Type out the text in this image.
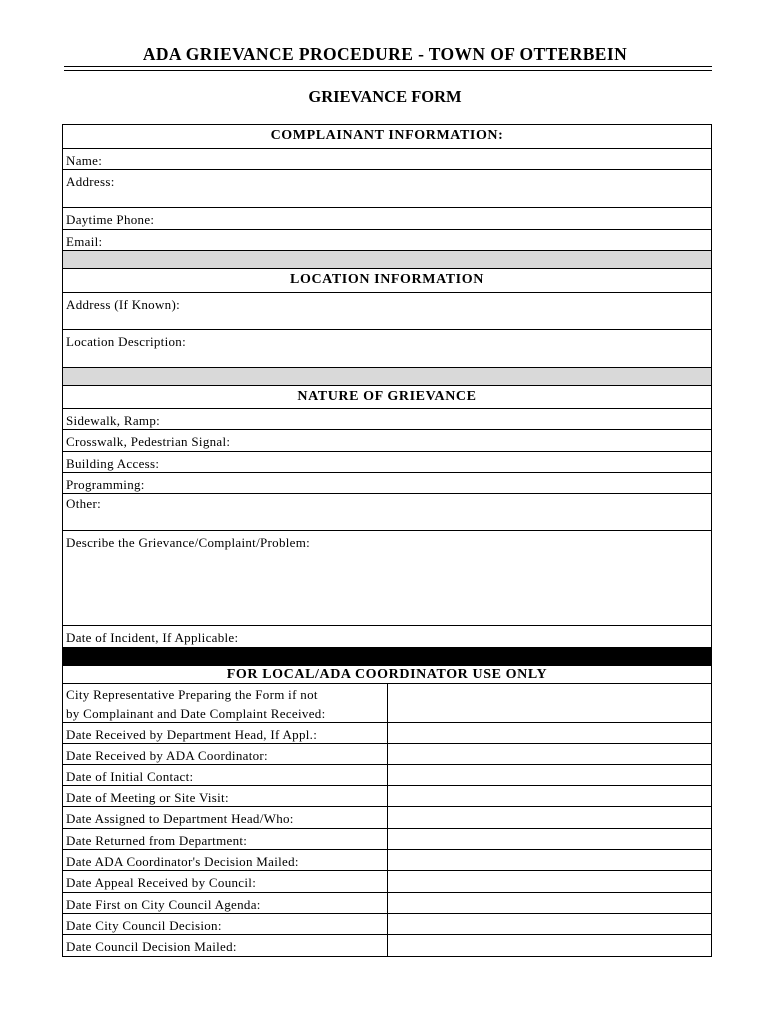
ADA GRIEVANCE PROCEDURE - TOWN OF OTTERBEIN
GRIEVANCE FORM
COMPLAINANT INFORMATION:
Name:
Address:
Daytime Phone:
Email:
LOCATION INFORMATION
Address (If Known):
Location Description:
NATURE OF GRIEVANCE
Sidewalk, Ramp:
Crosswalk, Pedestrian Signal:
Building Access:
Programming:
Other:
Describe the Grievance/Complaint/Problem:
Date of Incident, If Applicable:
FOR LOCAL/ADA COORDINATOR USE ONLY
City Representative Preparing the Form if not
by Complainant and Date Complaint Received:
Date Received by Department Head, If Appl.:
Date Received by ADA Coordinator:
Date of Initial Contact:
Date of Meeting or Site Visit:
Date Assigned to Department Head/Who:
Date Returned from Department:
Date ADA Coordinator's Decision Mailed:
Date Appeal Received by Council:
Date First on City Council Agenda:
Date City Council Decision:
Date Council Decision Mailed:
